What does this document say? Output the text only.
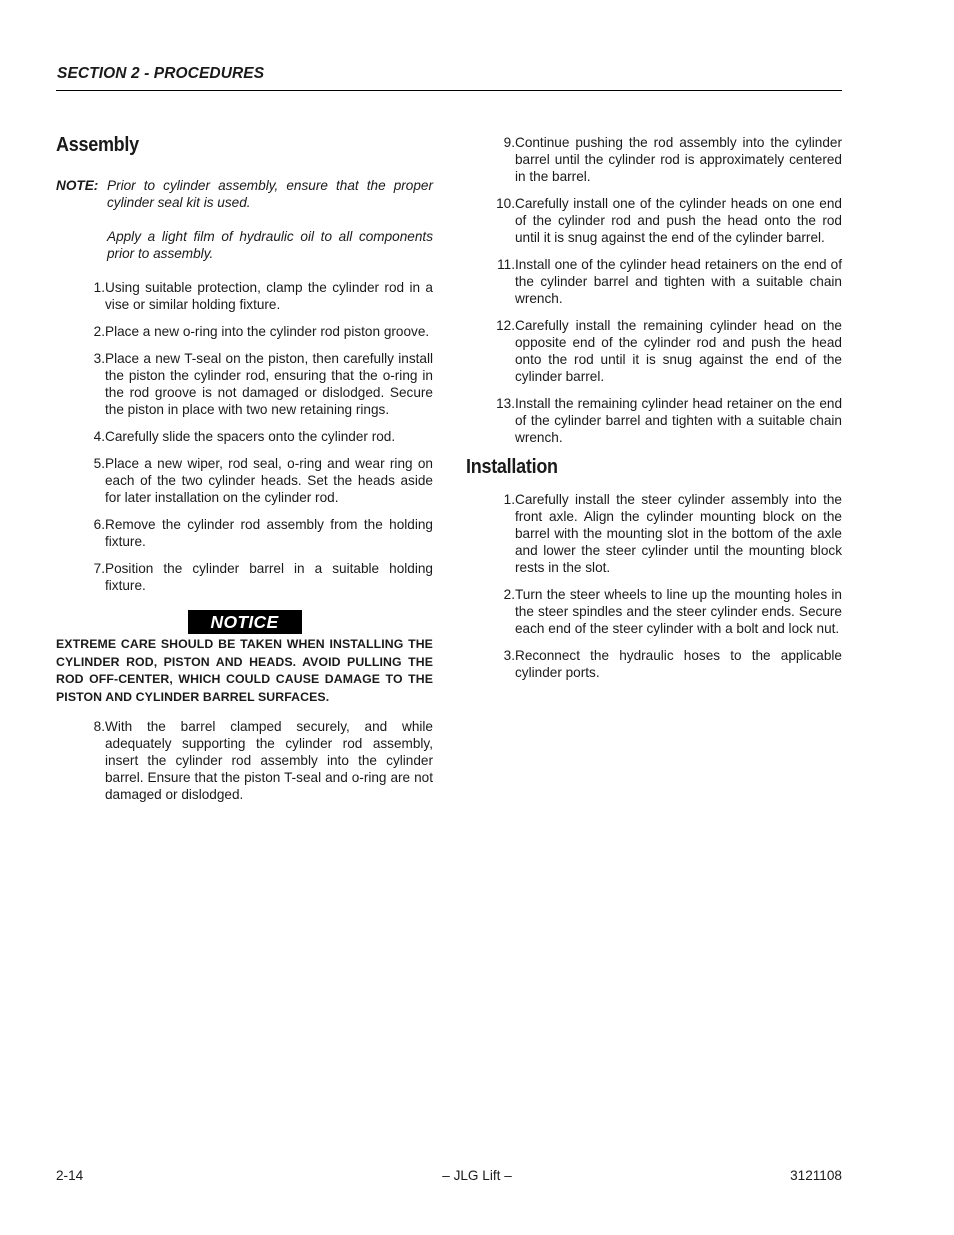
SECTION 2 - PROCEDURES
Assembly
NOTE: Prior to cylinder assembly, ensure that the proper cylinder seal kit is used.

Apply a light film of hydraulic oil to all components prior to assembly.

1. Using suitable protection, clamp the cylinder rod in a vise or similar holding fixture.
2. Place a new o-ring into the cylinder rod piston groove.
3. Place a new T-seal on the piston, then carefully install the piston the cylinder rod, ensuring that the o-ring in the rod groove is not damaged or dislodged. Secure the piston in place with two new retaining rings.
4. Carefully slide the spacers onto the cylinder rod.
5. Place a new wiper, rod seal, o-ring and wear ring on each of the two cylinder heads. Set the heads aside for later installation on the cylinder rod.
6. Remove the cylinder rod assembly from the holding fixture.
7. Position the cylinder barrel in a suitable holding fixture.
NOTICE
EXTREME CARE SHOULD BE TAKEN WHEN INSTALLING THE CYLINDER ROD, PISTON AND HEADS. AVOID PULLING THE ROD OFF-CENTER, WHICH COULD CAUSE DAMAGE TO THE PISTON AND CYLINDER BARREL SURFACES.
8. With the barrel clamped securely, and while adequately supporting the cylinder rod assembly, insert the cylinder rod assembly into the cylinder barrel. Ensure that the piston T-seal and o-ring are not damaged or dislodged.
9. Continue pushing the rod assembly into the cylinder barrel until the cylinder rod is approximately centered in the barrel.
10. Carefully install one of the cylinder heads on one end of the cylinder rod and push the head onto the rod until it is snug against the end of the cylinder barrel.
11. Install one of the cylinder head retainers on the end of the cylinder barrel and tighten with a suitable chain wrench.
12. Carefully install the remaining cylinder head on the opposite end of the cylinder rod and push the head onto the rod until it is snug against the end of the cylinder barrel.
13. Install the remaining cylinder head retainer on the end of the cylinder barrel and tighten with a suitable chain wrench.
Installation
1. Carefully install the steer cylinder assembly into the front axle. Align the cylinder mounting block on the barrel with the mounting slot in the bottom of the axle and lower the steer cylinder until the mounting block rests in the slot.
2. Turn the steer wheels to line up the mounting holes in the steer spindles and the steer cylinder ends. Secure each end of the steer cylinder with a bolt and lock nut.
3. Reconnect the hydraulic hoses to the applicable cylinder ports.
2-14	– JLG Lift –	3121108
